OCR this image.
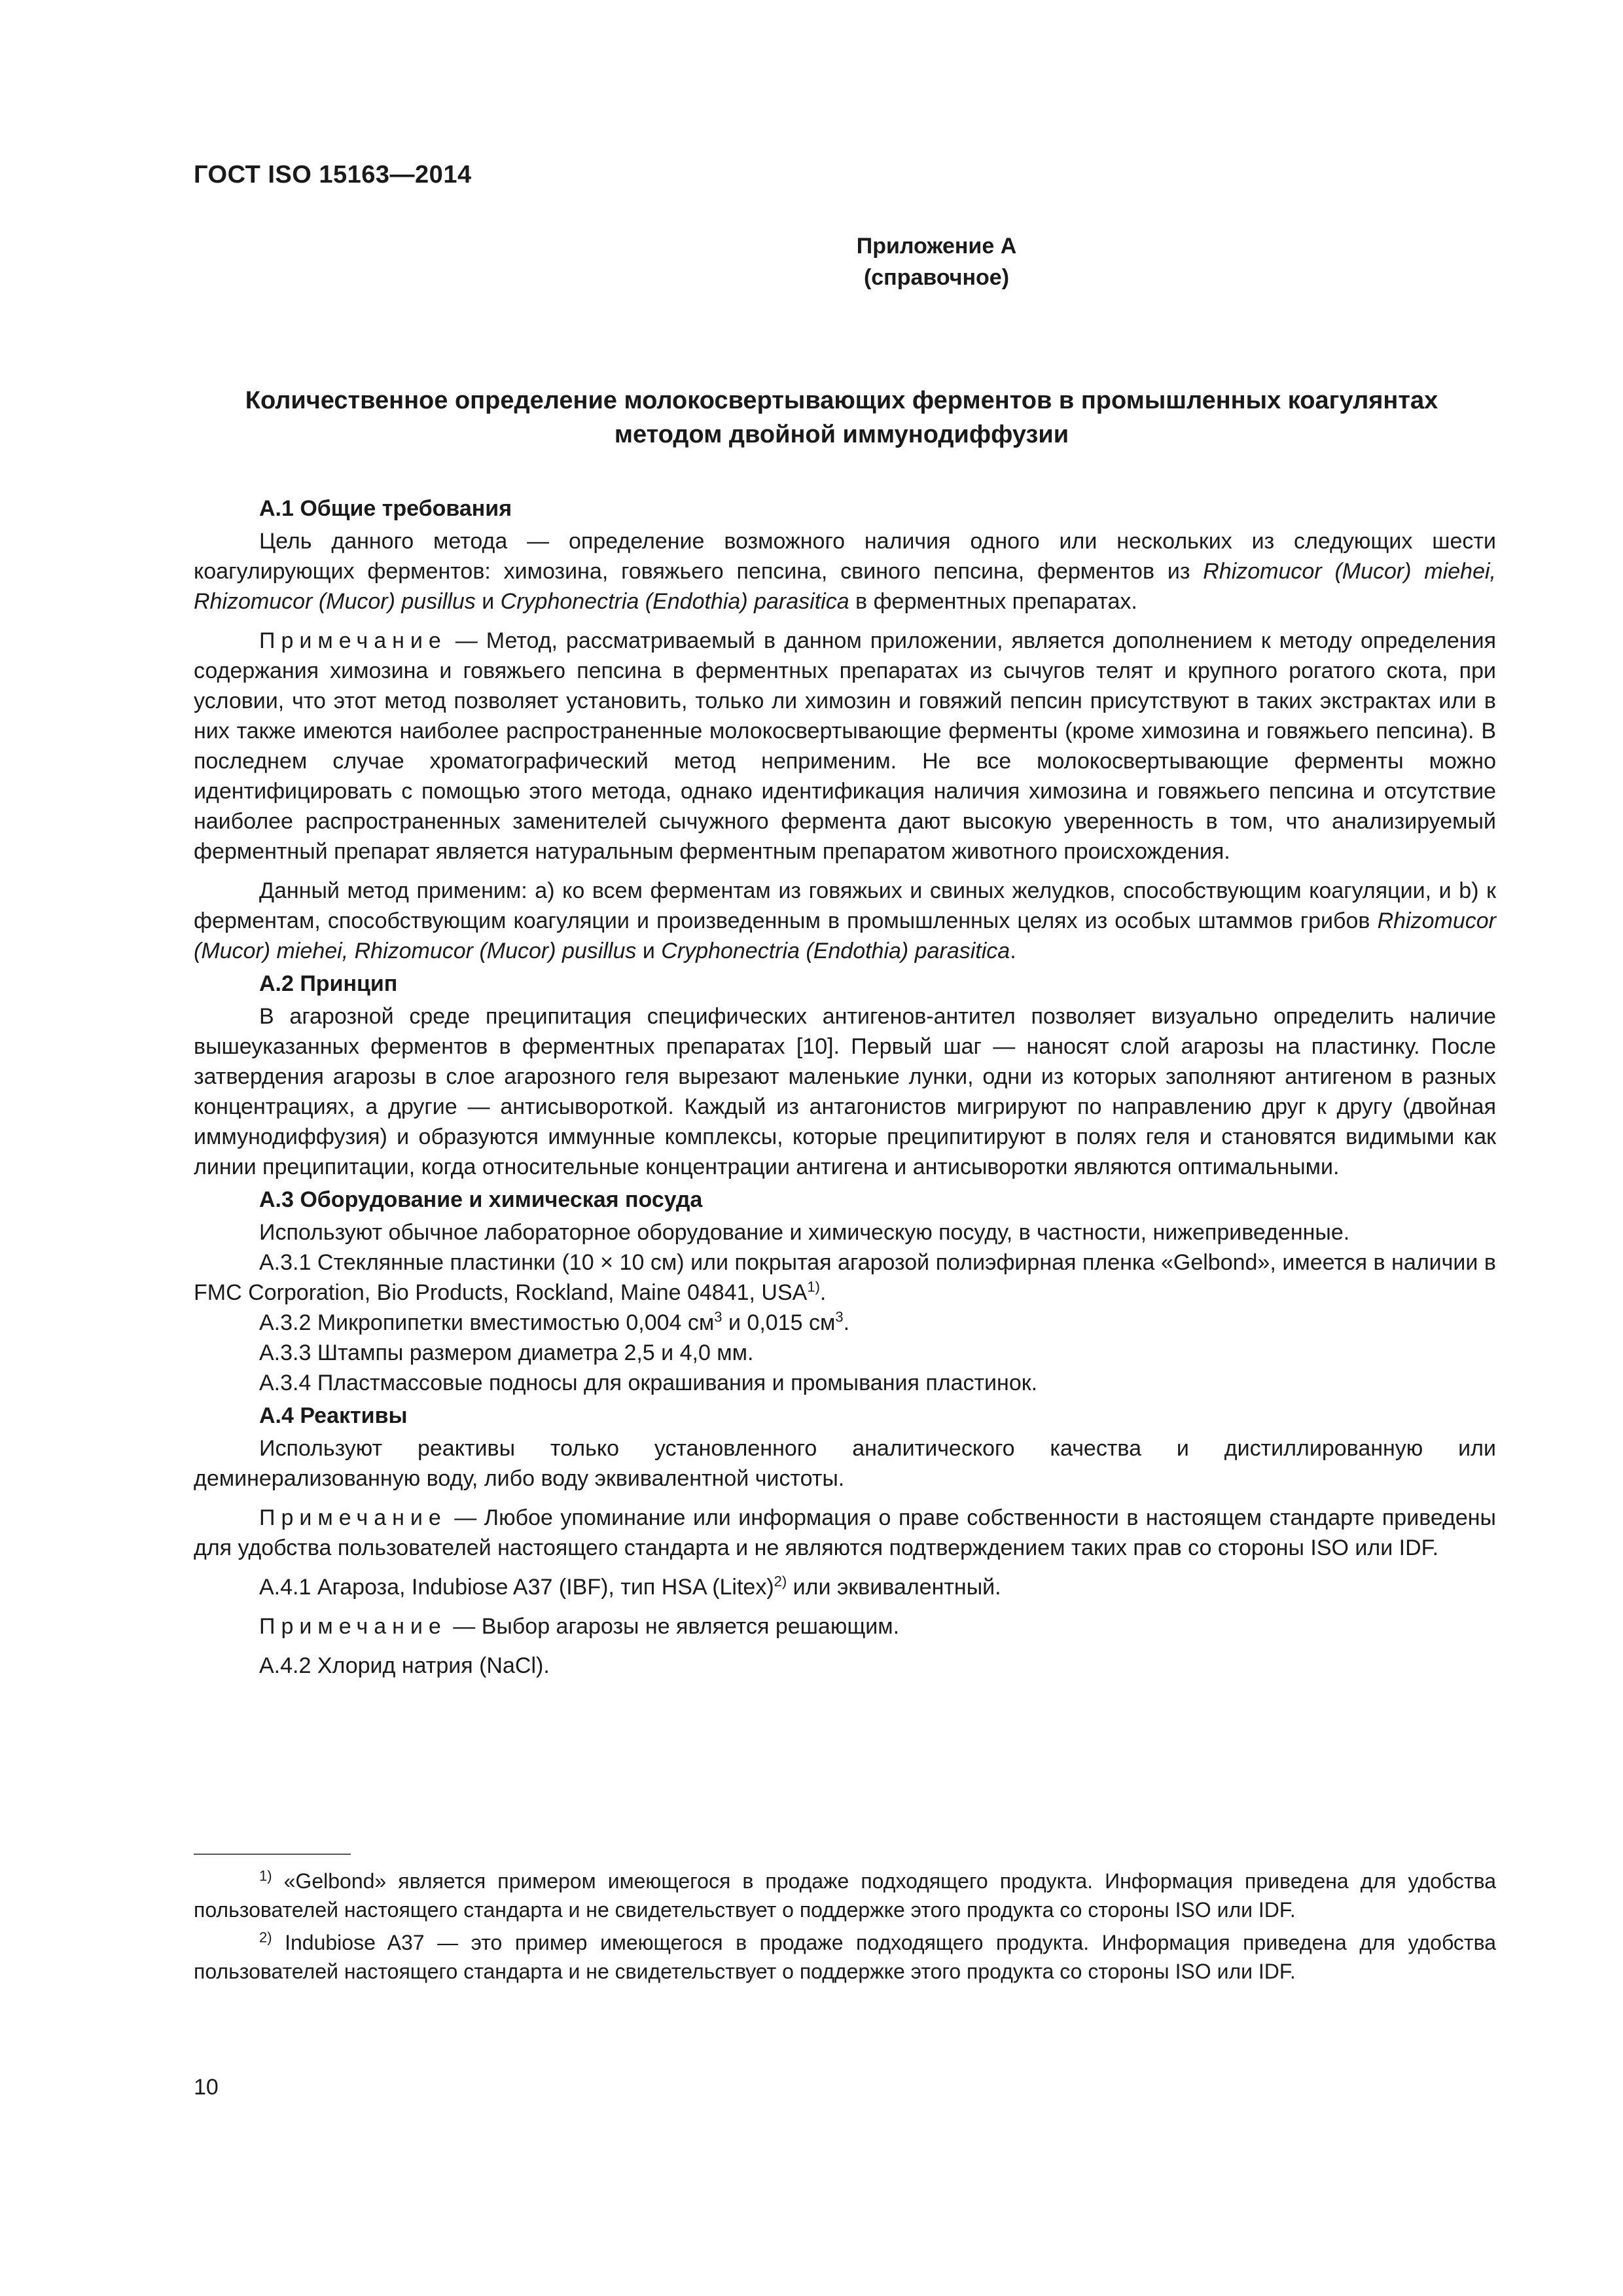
ГОСТ ISO 15163—2014
Приложение А
(справочное)
Количественное определение молокосвертывающих ферментов в промышленных коагулянтах методом двойной иммунодиффузии
А.1 Общие требования

Цель данного метода — определение возможного наличия одного или нескольких из следующих шести коагулирующих ферментов: химозина, говяжьего пепсина, свиного пепсина, ферментов из Rhizomucor (Mucor) miehei, Rhizomucor (Mucor) pusillus и Cryphonectria (Endothia) parasitica в ферментных препаратах.

Примечание — Метод, рассматриваемый в данном приложении, является дополнением к методу определения содержания химозина и говяжьего пепсина в ферментных препаратах из сычугов телят и крупного рогатого скота, при условии, что этот метод позволяет установить, только ли химозин и говяжий пепсин присутствуют в таких экстрактах или в них также имеются наиболее распространенные молокосвертывающие ферменты (кроме химозина и говяжьего пепсина). В последнем случае хроматографический метод неприменим. Не все молокосвертывающие ферменты можно идентифицировать с помощью этого метода, однако идентификация наличия химозина и говяжьего пепсина и отсутствие наиболее распространенных заменителей сычужного фермента дают высокую уверенность в том, что анализируемый ферментный препарат является натуральным ферментным препаратом животного происхождения.

Данный метод применим: а) ко всем ферментам из говяжьих и свиных желудков, способствующим коагуляции, и b) к ферментам, способствующим коагуляции и произведенным в промышленных целях из особых штаммов грибов Rhizomucor (Mucor) miehei, Rhizomucor (Mucor) pusillus и Cryphonectria (Endothia) parasitica.

А.2 Принцип

В агарозной среде преципитация специфических антигенов-антител позволяет визуально определить наличие вышеуказанных ферментов в ферментных препаратах [10]. Первый шаг — наносят слой агарозы на пластинку. После затвердения агарозы в слое агарозного геля вырезают маленькие лунки, одни из которых заполняют антигеном в разных концентрациях, а другие — антисывороткой. Каждый из антагонистов мигрируют по направлению друг к другу (двойная иммунодиффузия) и образуются иммунные комплексы, которые преципитируют в полях геля и становятся видимыми как линии преципитации, когда относительные концентрации антигена и антисыворотки являются оптимальными.

А.3 Оборудование и химическая посуда

Используют обычное лабораторное оборудование и химическую посуду, в частности, нижеприведенные.

А.3.1 Стеклянные пластинки (10 × 10 см) или покрытая агарозой полиэфирная пленка «Gelbond», имеется в наличии в FMC Corporation, Bio Products, Rockland, Maine 04841, USA$^{1)}$.

А.3.2 Микропипетки вместимостью 0,004 $см^3$ и 0,015 $см^3$.

А.3.3 Штампы размером диаметра 2,5 и 4,0 мм.

А.3.4 Пластмассовые подносы для окрашивания и промывания пластинок.

А.4 Реактивы

Используют реактивы только установленного аналитического качества и дистиллированную или деминерализованную воду, либо воду эквивалентной чистоты.

Примечание — Любое упоминание или информация о праве собственности в настоящем стандарте приведены для удобства пользователей настоящего стандарта и не являются подтверждением таких прав со стороны ISO или IDF.

А.4.1 Агароза, Indubiose A37 (IBF), тип HSA (Litex)$^{2)}$ или эквивалентный.

Примечание — Выбор агарозы не является решающим.

А.4.2 Хлорид натрия (NaCl).

$^{1)}$ «Gelbond» является примером имеющегося в продаже подходящего продукта. Информация приведена для удобства пользователей настоящего стандарта и не свидетельствует о поддержке этого продукта со стороны ISO или IDF.

$^{2)}$ Indubiose A37 — это пример имеющегося в продаже подходящего продукта. Информация приведена для удобства пользователей настоящего стандарта и не свидетельствует о поддержке этого продукта со стороны ISO или IDF.

10
